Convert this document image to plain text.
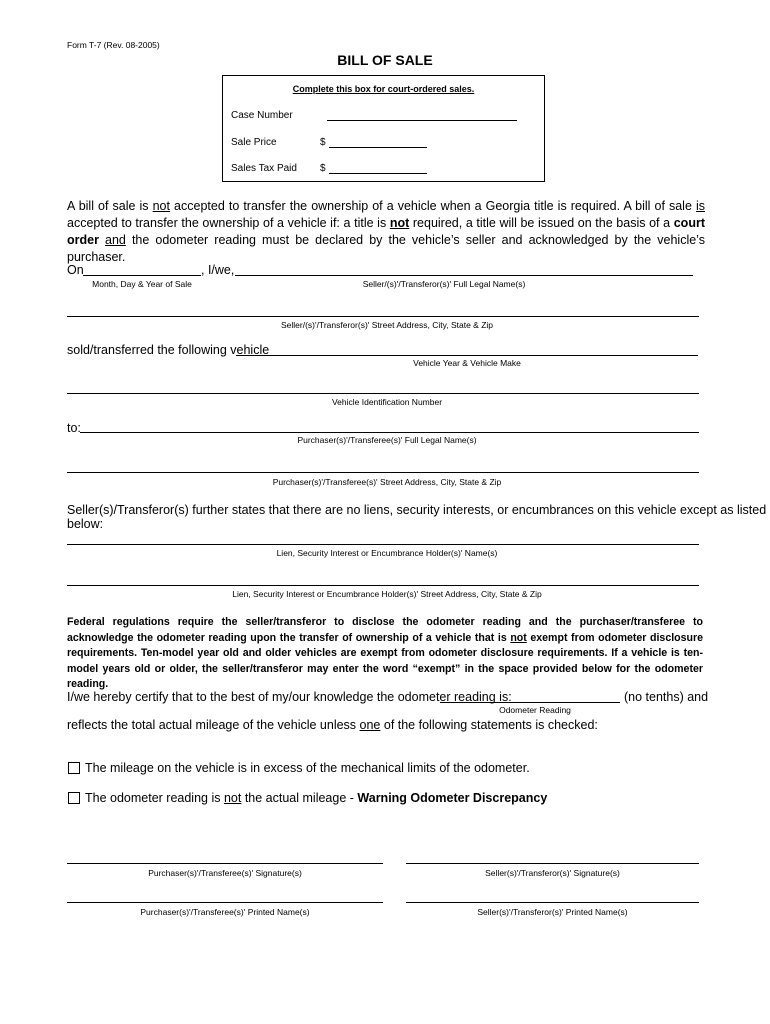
Form T-7 (Rev. 08-2005)
BILL OF SALE
Complete this box for court-ordered sales.
Case Number
Sale Price	$
Sales Tax Paid $
A bill of sale is not accepted to transfer the ownership of a vehicle when a Georgia title is required. A bill of sale is accepted to transfer the ownership of a vehicle if: a title is not required, a title will be issued on the basis of a court order and the odometer reading must be declared by the vehicle’s seller and acknowledged by the vehicle’s purchaser.
On	, I/we,
Month, Day & Year of Sale	Seller/(s)'/Transferor(s)' Full Legal Name(s)
Seller/(s)'/Transferor(s)' Street Address, City, State & Zip
sold/transferred the following vehicle
Vehicle Year & Vehicle Make
Vehicle Identification Number
to:
Purchaser(s)'/Transferee(s)' Full Legal Name(s)
Purchaser(s)'/Transferee(s)' Street Address, City, State & Zip
Seller(s)/Transferor(s) further states that there are no liens, security interests, or encumbrances on this vehicle except as listed below:
Lien, Security Interest or Encumbrance Holder(s)' Name(s)
Lien, Security Interest or Encumbrance Holder(s)' Street Address, City, State & Zip
Federal regulations require the seller/transferor to disclose the odometer reading and the purchaser/transferee to acknowledge the odometer reading upon the transfer of ownership of a vehicle that is not exempt from odometer disclosure requirements. Ten-model year old and older vehicles are exempt from odometer disclosure requirements. If a vehicle is ten-model years old or older, the seller/transferor may enter the word “exempt” in the space provided below for the odometer reading.
I/we hereby certify that to the best of my/our knowledge the odometer reading is:	(no tenths) and
Odometer Reading
reflects the total actual mileage of the vehicle unless one of the following statements is checked:
The mileage on the vehicle is in excess of the mechanical limits of the odometer.
The odometer reading is not the actual mileage - Warning Odometer Discrepancy
Purchaser(s)'/Transferee(s)' Signature(s)	Seller(s)'/Transferor(s)' Signature(s)
Purchaser(s)'/Transferee(s)' Printed Name(s)	Seller(s)'/Transferor(s)' Printed Name(s)
